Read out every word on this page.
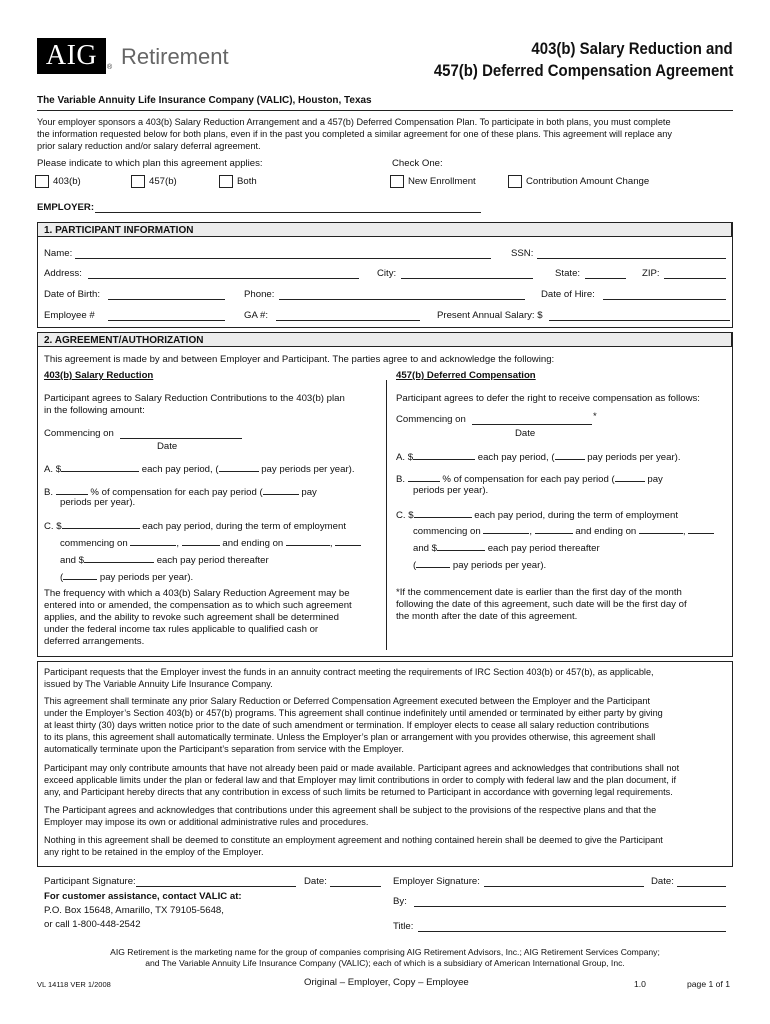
AIG	® Retirement	403(b) Salary Reduction and
457(b) Deferred Compensation Agreement
The Variable Annuity Life Insurance Company (VALIC), Houston, Texas
Your employer sponsors a 403(b) Salary Reduction Arrangement and a 457(b) Deferred Compensation Plan. To participate in both plans, you must complete
the information requested below for both plans, even if in the past you completed a similar agreement for one of these plans. This agreement will replace any
prior salary reduction and/or salary deferral agreement.
Please indicate to which plan this agreement applies:	Check One:
403(b)	457(b)	Both	New Enrollment	Contribution Amount Change
EMPLOYER:
1. PARTICIPANT INFORMATION
Name:	SSN:
Address:	City:	State:	ZIP:
Date of Birth:	Phone:	Date of Hire:
Employee #	GA #:	Present Annual Salary: $
2. AGREEMENT/AUTHORIZATION
This agreement is made by and between Employer and Participant. The parties agree to and acknowledge the following:
403(b) Salary Reduction
Participant agrees to Salary Reduction Contributions to the 403(b) plan
in the following amount:
Commencing on
Date
A. $	each pay period, (	pay periods per year).
B.	% of compensation for each pay period (	pay
periods per year).
C. $	each pay period, during the term of employment
commencing on	,	and ending on	,
and $	each pay period thereafter
(	pay periods per year).
The frequency with which a 403(b) Salary Reduction Agreement may be
entered into or amended, the compensation as to which such agreement
applies, and the ability to revoke such agreement shall be determined
under the federal income tax rules applicable to qualified cash or
deferred arrangements.
457(b) Deferred Compensation
Participant agrees to defer the right to receive compensation as follows:
Commencing on	*
Date
A. $	each pay period, (	pay periods per year).
B.	% of compensation for each pay period (	pay
periods per year).
C. $	each pay period, during the term of employment
commencing on	,	and ending on	,
and $	each pay period thereafter
(	pay periods per year).
*If the commencement date is earlier than the first day of the month
following the date of this agreement, such date will be the first day of
the month after the date of this agreement.
Participant requests that the Employer invest the funds in an annuity contract meeting the requirements of IRC Section 403(b) or 457(b), as applicable,
issued by The Variable Annuity Life Insurance Company.
This agreement shall terminate any prior Salary Reduction or Deferred Compensation Agreement executed between the Employer and the Participant
under the Employer’s Section 403(b) or 457(b) programs. This agreement shall continue indefinitely until amended or terminated by either party by giving
at least thirty (30) days written notice prior to the date of such amendment or termination. If employer elects to cease all salary reduction contributions
to its plans, this agreement shall automatically terminate. Unless the Employer’s plan or arrangement with you provides otherwise, this agreement shall
automatically terminate upon the Participant’s separation from service with the Employer.
Participant may only contribute amounts that have not already been paid or made available. Participant agrees and acknowledges that contributions shall not
exceed applicable limits under the plan or federal law and that Employer may limit contributions in order to comply with federal law and the plan document, if
any, and Participant hereby directs that any contribution in excess of such limits be returned to Participant in accordance with governing legal requirements.
The Participant agrees and acknowledges that contributions under this agreement shall be subject to the provisions of the respective plans and that the
Employer may impose its own or additional administrative rules and procedures.
Nothing in this agreement shall be deemed to constitute an employment agreement and nothing contained herein shall be deemed to give the Participant
any right to be retained in the employ of the Employer.
Participant Signature:	Date:	Employer Signature:	Date:
For customer assistance, contact VALIC at:
P.O. Box 15648, Amarillo, TX 79105-5648,
or call 1-800-448-2542
By:
Title:
AIG Retirement is the marketing name for the group of companies comprising AIG Retirement Advisors, Inc.; AIG Retirement Services Company;
and The Variable Annuity Life Insurance Company (VALIC); each of which is a subsidiary of American International Group, Inc.
VL 14118 VER 1/2008	Original – Employer, Copy – Employee	1.0	page 1 of 1
